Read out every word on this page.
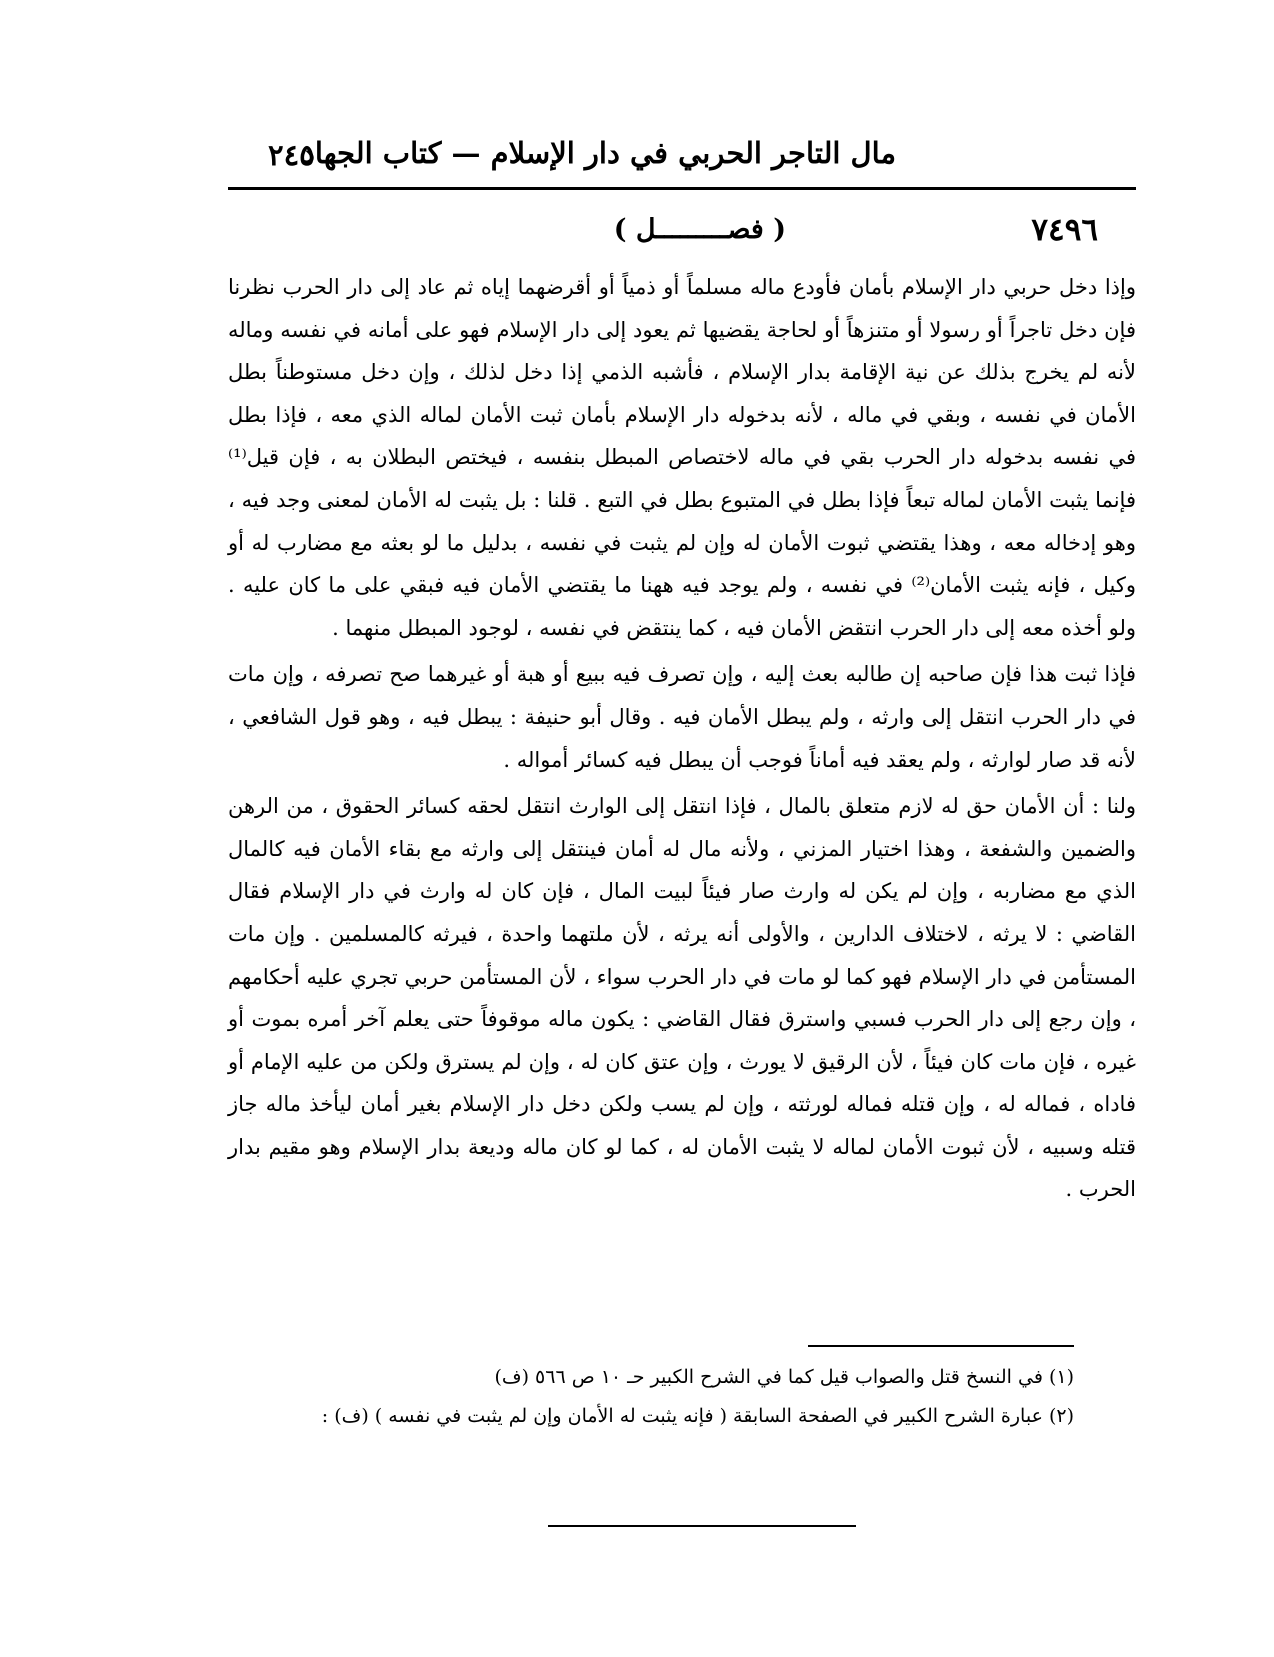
مال التاجر الحربي في دار الإسلام — كتاب الجهاد
٢٤٥
٧٤٩٦
( فصـــــــــل )

وإذا دخل حربي دار الإسلام بأمان فأودع ماله مسلماً أو ذمياً أو أقرضهما إياه ثم عاد إلى دار الحرب نظرنا فإن دخل تاجراً أو رسولا أو متنزهاً أو لحاجة يقضيها ثم يعود إلى دار الإسلام فهو على أمانه في نفسه وماله لأنه لم يخرج بذلك عن نية الإقامة بدار الإسلام ، فأشبه الذمي إذا دخل لذلك ، وإن دخل مستوطناً بطل الأمان في نفسه ، وبقي في ماله ، لأنه بدخوله دار الإسلام بأمان ثبت الأمان لماله الذي معه ، فإذا بطل في نفسه بدخوله دار الحرب بقي في ماله لاختصاص المبطل بنفسه ، فيختص البطلان به ، فإن قيل⁽¹⁾ فإنما يثبت الأمان لماله تبعاً فإذا بطل في المتبوع بطل في التبع . قلنا : بل يثبت له الأمان لمعنى وجد فيه ، وهو إدخاله معه ، وهذا يقتضي ثبوت الأمان له وإن لم يثبت في نفسه ، بدليل ما لو بعثه مع مضارب له أو وكيل ، فإنه يثبت الأمان⁽²⁾ في نفسه ، ولم يوجد فيه ههنا ما يقتضي الأمان فيه فبقي على ما كان عليه . ولو أخذه معه إلى دار الحرب انتقض الأمان فيه ، كما ينتقض في نفسه ، لوجود المبطل منهما .

فإذا ثبت هذا فإن صاحبه إن طالبه بعث إليه ، وإن تصرف فيه ببيع أو هبة أو غيرهما صح تصرفه ، وإن مات في دار الحرب انتقل إلى وارثه ، ولم يبطل الأمان فيه . وقال أبو حنيفة : يبطل فيه ، وهو قول الشافعي ، لأنه قد صار لوارثه ، ولم يعقد فيه أماناً فوجب أن يبطل فيه كسائر أمواله .

ولنا : أن الأمان حق له لازم متعلق بالمال ، فإذا انتقل إلى الوارث انتقل لحقه كسائر الحقوق ، من الرهن والضمين والشفعة ، وهذا اختيار المزني ، ولأنه مال له أمان فينتقل إلى وارثه مع بقاء الأمان فيه كالمال الذي مع مضاربه ، وإن لم يكن له وارث صار فيئاً لبيت المال ، فإن كان له وارث في دار الإسلام فقال القاضي : لا يرثه ، لاختلاف الدارين ، والأولى أنه يرثه ، لأن ملتهما واحدة ، فيرثه كالمسلمين . وإن مات المستأمن في دار الإسلام فهو كما لو مات في دار الحرب سواء ، لأن المستأمن حربي تجري عليه أحكامهم ، وإن رجع إلى دار الحرب فسبي واسترق فقال القاضي : يكون ماله موقوفاً حتى يعلم آخر أمره بموت أو غيره ، فإن مات كان فيئاً ، لأن الرقيق لا يورث ، وإن عتق كان له ، وإن لم يسترق ولكن من عليه الإمام أو فاداه ، فماله له ، وإن قتله فماله لورثته ، وإن لم يسب ولكن دخل دار الإسلام بغير أمان ليأخذ ماله جاز قتله وسبيه ، لأن ثبوت الأمان لماله لا يثبت الأمان له ، كما لو كان ماله وديعة بدار الإسلام وهو مقيم بدار الحرب .

(١) في النسخ قتل والصواب قيل كما في الشرح الكبير حـ ١٠ ص ٥٦٦ (ف)

(٢) عبارة الشرح الكبير في الصفحة السابقة ( فإنه يثبت له الأمان وإن لم يثبت في نفسه ) (ف) :
